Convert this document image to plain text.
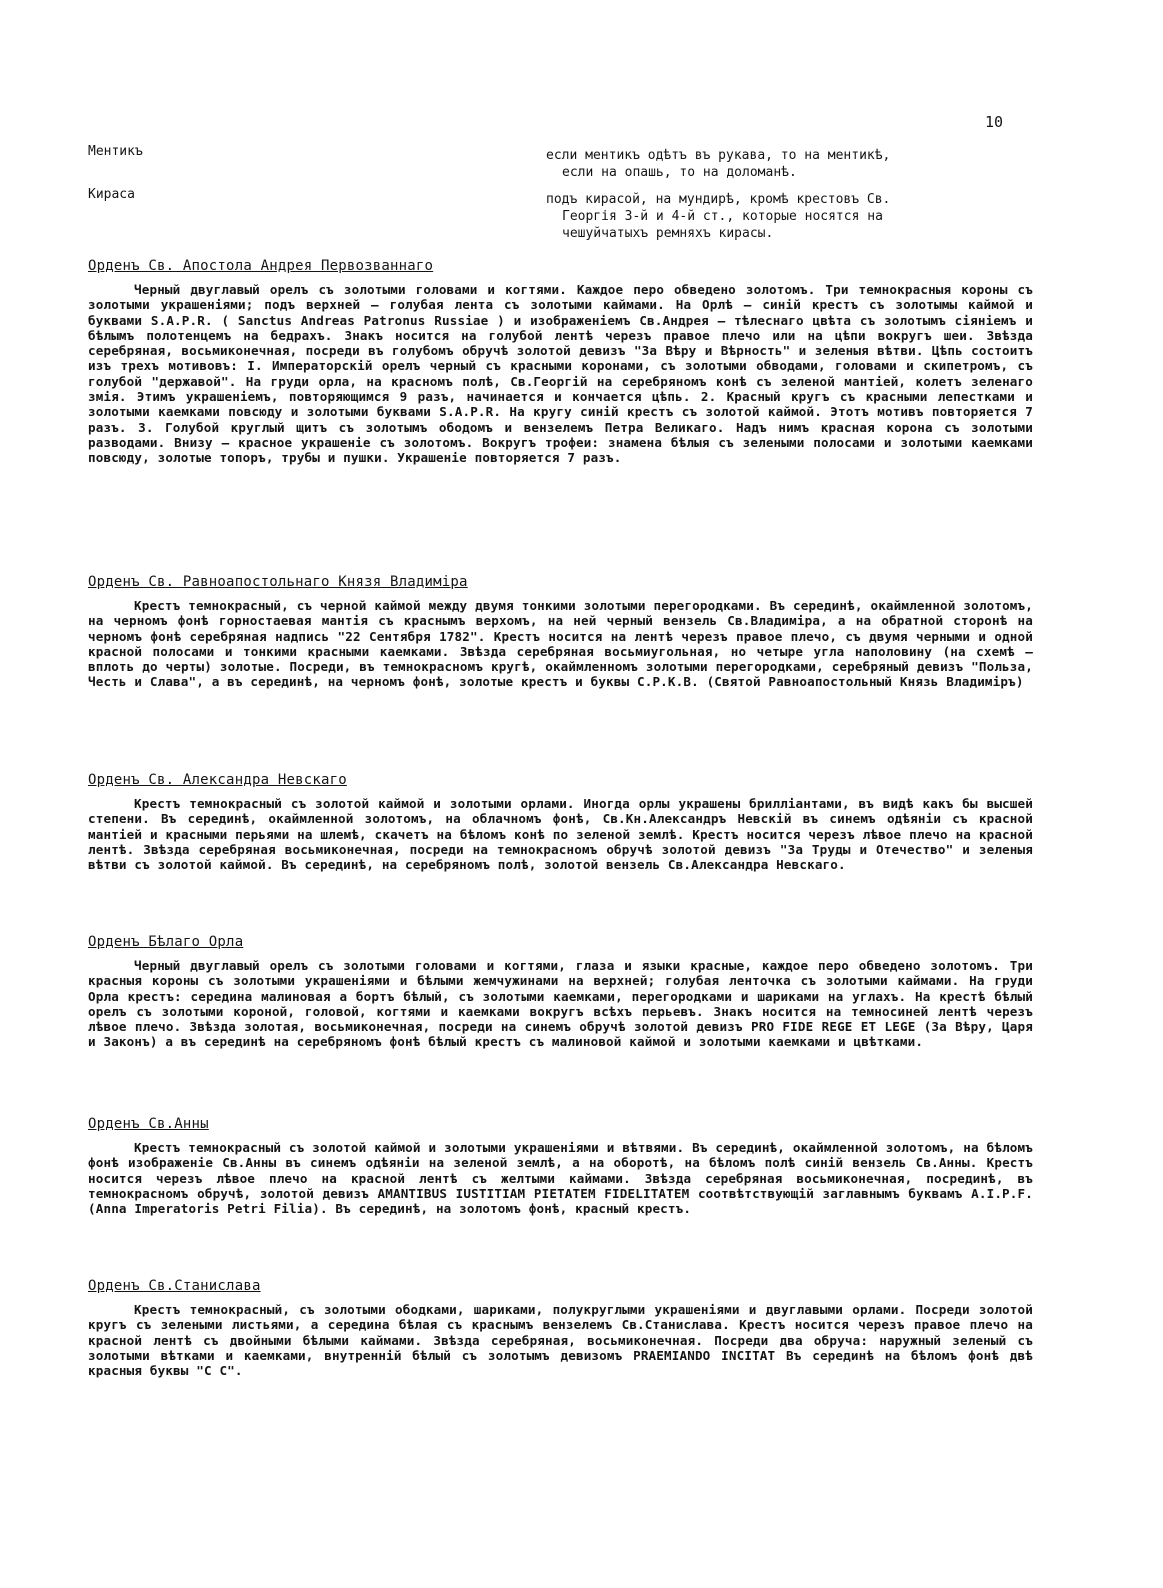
10
Ментикъ	если ментикъ одѣтъ въ рукава, то на ментикѣ,
если на опашь, то на доломанѣ.
Кираса	подъ кирасой, на мундирѣ, кромѣ крестовъ Св.
Георгія 3-й и 4-й ст., которые носятся на
чешуйчатыхъ ремняхъ кирасы.
Орденъ Св. Апостола Андрея Первозваннаго
Черный двуглавый орелъ съ золотыми головами и когтями. Каждое перо обведено золотомъ. Три темнокрасныя короны съ золотыми украшеніями; подъ верхней – голубая лента съ золотыми каймами. На Орлѣ – синій крестъ съ золотымы каймой и буквами S.A.P.R. ( Sanctus Andreas Patronus Russiae ) и изображеніемъ Св.Андрея – тѣлеснаго цвѣта съ золотымъ сіяніемъ и бѣлымъ полотенцемъ на бедрахъ. Знакъ носится на голубой лентѣ черезъ правое плечо или на цѣпи вокругъ шеи. Звѣзда серебряная, восьмиконечная, посреди въ голубомъ обручѣ золотой девизъ "За Вѣру и Вѣрность" и зеленыя вѣтви. Цѣпь состоитъ изъ трехъ мотивовъ: I. Императорскій орелъ черный съ красными коронами, съ золотыми обводами, головами и скипетромъ, съ голубой "державой". На груди орла, на красномъ полѣ, Св.Георгій на серебряномъ конѣ съ зеленой мантіей, колетъ зеленаго змія. Этимъ украшеніемъ, повторяющимся 9 разъ, начинается и кончается цѣпь. 2. Красный кругъ съ красными лепестками и золотыми каемками повсюду и золотыми буквами S.A.P.R. На кругу синій крестъ съ золотой каймой. Этотъ мотивъ повторяется 7 разъ. 3. Голубой круглый щитъ съ золотымъ ободомъ и вензелемъ Петра Великаго. Надъ нимъ красная корона съ золотыми разводами. Внизу – красное украшеніе съ золотомъ. Вокругъ трофеи: знамена бѣлыя съ зелеными полосами и золотыми каемками повсюду, золотые топоръ, трубы и пушки. Украшеніе повторяется 7 разъ.
Орденъ Св. Равноапостольнаго Князя Владиміра
Крестъ темнокрасный, съ черной каймой между двумя тонкими золотыми перегородками. Въ серединѣ, окаймленной золотомъ, на черномъ фонѣ горностаевая мантія съ краснымъ верхомъ, на ней черный вензель Св.Владиміра, а на обратной сторонѣ на черномъ фонѣ серебряная надпись "22 Сентября 1782". Крестъ носится на лентѣ черезъ правое плечо, съ двумя черными и одной красной полосами и тонкими красными каемками. Звѣзда серебряная восьмиугольная, но четыре угла наполовину (на схемѣ – вплоть до черты) золотые. Посреди, въ темнокрасномъ кругѣ, окаймленномъ золотыми перегородками, серебряный девизъ "Польза, Честь и Слава", а въ серединѣ, на черномъ фонѣ, золотые крестъ и буквы С.Р.К.В. (Святой Равноапостольный Князь Владиміръ)
Орденъ Св. Александра Невскаго
Крестъ темнокрасный съ золотой каймой и золотыми орлами. Иногда орлы украшены бриллiантами, въ видѣ какъ бы высшей степени. Въ серединѣ, окаймленной золотомъ, на облачномъ фонѣ, Св.Кн.Александръ Невскій въ синемъ одѣяніи съ красной мантіей и красными перьями на шлемѣ, скачетъ на бѣломъ конѣ по зеленой землѣ. Крестъ носится черезъ лѣвое плечо на красной лентѣ. Звѣзда серебряная восьмиконечная, посреди на темнокрасномъ обручѣ золотой девизъ "За Труды и Отечество" и зеленыя вѣтви съ золотой каймой. Въ серединѣ, на серебряномъ полѣ, золотой вензель Св.Александра Невскаго.
Орденъ Бѣлаго Орла
Черный двуглавый орелъ съ золотыми головами и когтями, глаза и языки красные, каждое перо обведено золотомъ. Три красныя короны съ золотыми украшеніями и бѣлыми жемчужинами на верхней; голубая ленточка съ золотыми каймами. На груди Орла крестъ: середина малиновая а бортъ бѣлый, съ золотыми каемками, перегородками и шариками на углахъ. На крестѣ бѣлый орелъ съ золотыми короной, головой, когтями и каемками вокругъ всѣхъ перьевъ. Знакъ носится на темносиней лентѣ черезъ лѣвое плечо. Звѣзда золотая, восьмиконечная, посреди на синемъ обручѣ золотой девизъ PRO FIDE REGE ET LEGE (За Вѣру, Царя и Законъ) а въ серединѣ на серебряномъ фонѣ бѣлый крестъ съ малиновой каймой и золотыми каемками и цвѣтками.
Орденъ Св.Анны
Крестъ темнокрасный съ золотой каймой и золотыми украшеніями и вѣтвями. Въ серединѣ, окаймленной золотомъ, на бѣломъ фонѣ изображеніе Св.Анны въ синемъ одѣяніи на зеленой землѣ, а на оборотѣ, на бѣломъ полѣ синій вензель Св.Анны. Крестъ носится черезъ лѣвое плечо на красной лентѣ съ желтыми каймами. Звѣзда серебряная восьмиконечная, посрединѣ, въ темнокрасномъ обручѣ, золотой девизъ AMANTIBUS IUSTITIAM PIETATEM FIDELITATEM соотвѣтствующій заглавнымъ буквамъ A.I.P.F.(Anna Imperatoris Petri Filia). Въ серединѣ, на золотомъ фонѣ, красный крестъ.
Орденъ Св.Станислава
Крестъ темнокрасный, съ золотыми ободками, шариками, полукруглыми украшеніями и двуглавыми орлами. Посреди золотой кругъ съ зелеными листьями, а середина бѣлая съ краснымъ вензелемъ Св.Станислава. Крестъ носится черезъ правое плечо на красной лентѣ съ двойными бѣлыми каймами. Звѣзда серебряная, восьмиконечная. Посреди два обруча: наружный зеленый съ золотыми вѣтками и каемками, внутренній бѣлый съ золотымъ девизомъ PRAEMIANDO INCITAT Въ серединѣ на бѣломъ фонѣ двѣ красныя буквы "С С".
